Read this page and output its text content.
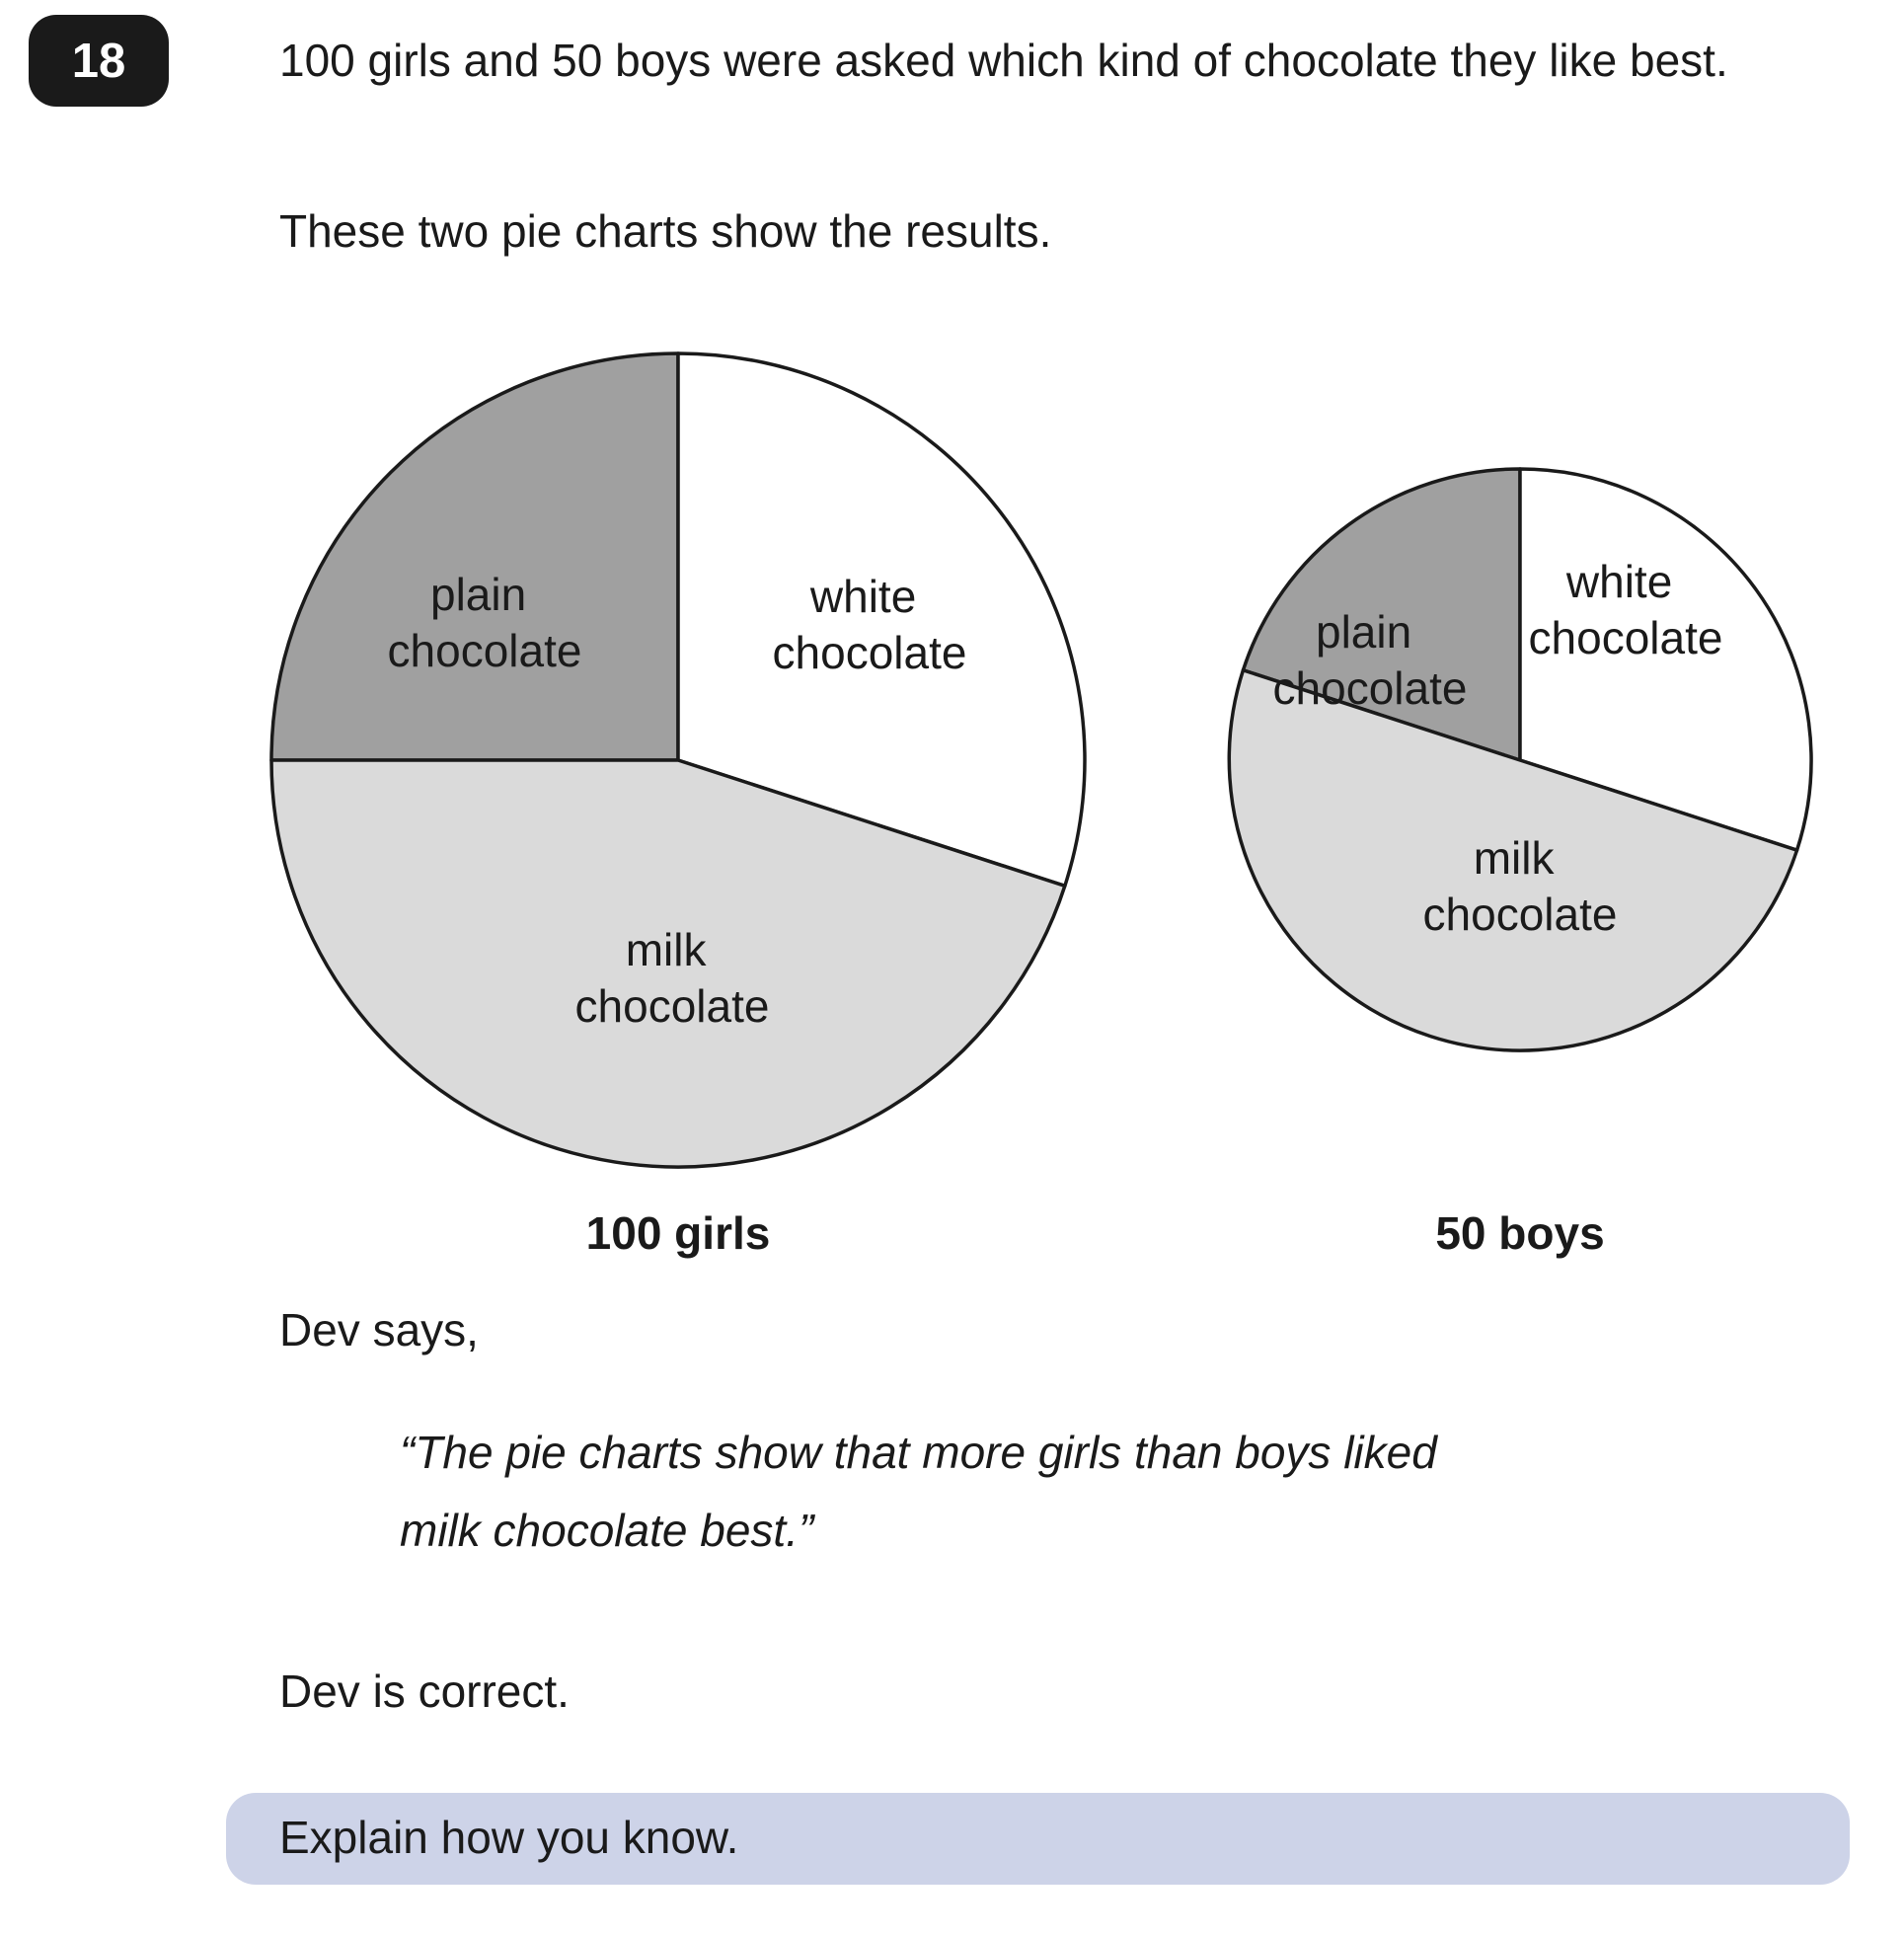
18	100 girls and 50 boys were asked which kind of chocolate they like best.
These two pie charts show the results.
plain chocolate
white chocolate
milk chocolate
100 girls
plain chocolate
white chocolate
milk chocolate
50 boys
Dev says,
“The pie charts show that more girls than boys liked
milk chocolate best.”
Dev is correct.
Explain how you know.
